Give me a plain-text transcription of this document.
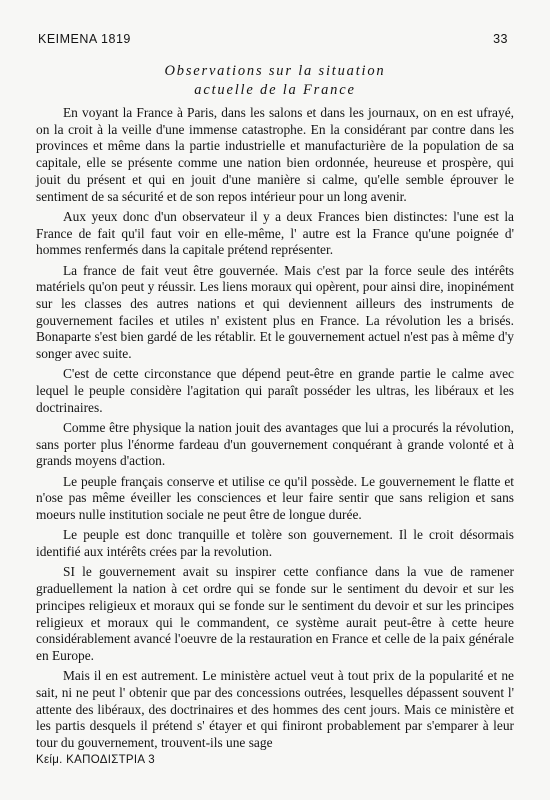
KEIMENA 1819	33
Observations sur la situation
actuelle de la France

En voyant la France à Paris, dans les salons et dans les journaux, on en est ufrayé, on la croit à la veille d'une immense catastrophe. En la considérant par contre dans les provinces et même dans la partie industrielle et manufacturière de la population de sa capitale, elle se présente comme une nation bien ordonnée, heureuse et prospère, qui jouit du présent et qui en jouit d'une manière si calme, qu'elle semble éprouver le sentiment de sa sécurité et de son repos intérieur pour un long avenir.

Aux yeux donc d'un observateur il y a deux Frances bien distinctes: l'une est la France de fait qu'il faut voir en elle-même, l' autre est la France qu'une poignée d' hommes renfermés dans la capitale prétend représenter.

La france de fait veut être gouvernée. Mais c'est par la force seule des intérêts matériels qu'on peut y réussir. Les liens moraux qui opèrent, pour ainsi dire, inopinément sur les classes des autres nations et qui deviennent ailleurs des instruments de gouvernement faciles et utiles n' existent plus en France. La révolution les a brisés. Bonaparte s'est bien gardé de les rétablir. Et le gouvernement actuel n'est pas à même d'y songer avec suite.

C'est de cette circonstance que dépend peut-être en grande partie le calme avec lequel le peuple considère l'agitation qui paraît posséder les ultras, les libéraux et les doctrinaires.

Comme être physique la nation jouit des avantages que lui a procurés la révolution, sans porter plus l'énorme fardeau d'un gouvernement conquérant à grande volonté et à grands moyens d'action.

Le peuple français conserve et utilise ce qu'il possède. Le gouvernement le flatte et n'ose pas même éveiller les consciences et leur faire sentir que sans religion et sans moeurs nulle institution sociale ne peut être de longue durée.

Le peuple est donc tranquille et tolère son gouvernement. Il le croit désormais identifié aux intérêts crées par la revolution.

SI le gouvernement avait su inspirer cette confiance dans la vue de ramener graduellement la nation à cet ordre qui se fonde sur le sentiment du devoir et sur les principes religieux et moraux qui se fonde sur le sentiment du devoir et sur les principes religieux et moraux qui le commandent, ce système aurait peut-être à cette heure considérablement avancé l'oeuvre de la restauration en France et celle de la paix générale en Europe.

Mais il en est autrement. Le ministère actuel veut à tout prix de la popularité et ne sait, ni ne peut l' obtenir que par des concessions outrées, lesquelles dépassent souvent l' attente des libéraux, des doctrinaires et des hommes des cent jours. Mais ce ministère et les partis desquels il prétend s' étayer et qui finiront probablement par s'emparer à leur tour du gouvernement, trouvent-ils une sage

Κείμ. ΚΑΠΟΔΙΣΤΡΙΑ 3
